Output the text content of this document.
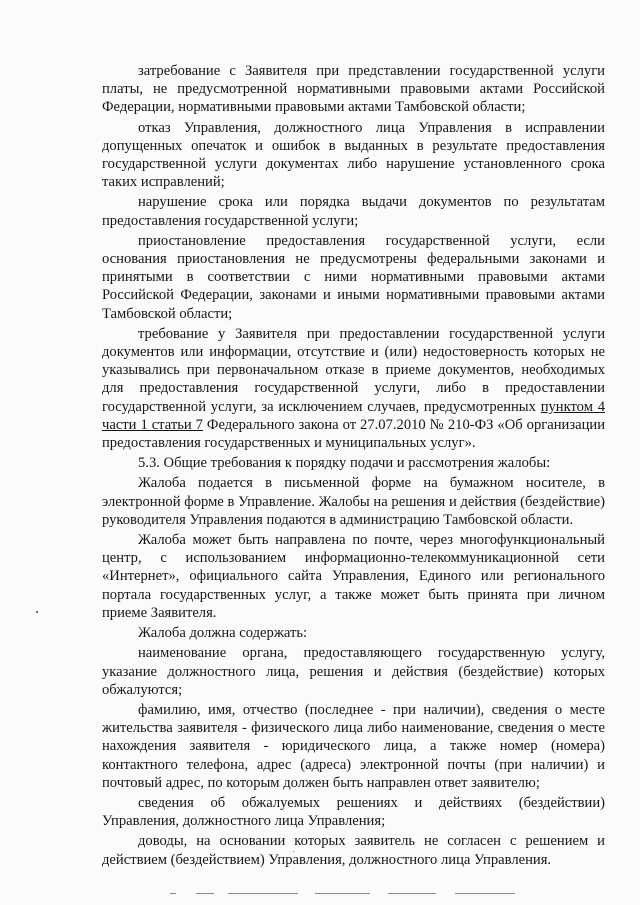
затребование с Заявителя при представлении государственной услуги платы, не предусмотренной нормативными правовыми актами Российской Федерации, нормативными правовыми актами Тамбовской области;

отказ Управления, должностного лица Управления в исправлении допущенных опечаток и ошибок в выданных в результате предоставления государственной услуги документах либо нарушение установленного срока таких исправлений;

нарушение срока или порядка выдачи документов по результатам предоставления государственной услуги;

приостановление предоставления государственной услуги, если основания приостановления не предусмотрены федеральными законами и принятыми в соответствии с ними нормативными правовыми актами Российской Федерации, законами и иными нормативными правовыми актами Тамбовской области;

требование у Заявителя при предоставлении государственной услуги документов или информации, отсутствие и (или) недостоверность которых не указывались при первоначальном отказе в приеме документов, необходимых для предоставления государственной услуги, либо в предоставлении государственной услуги, за исключением случаев, предусмотренных пунктом 4 части 1 статьи 7 Федерального закона от 27.07.2010 № 210-ФЗ «Об организации предоставления государственных и муниципальных услуг».

5.3. Общие требования к порядку подачи и рассмотрения жалобы:

Жалоба подается в письменной форме на бумажном носителе, в электронной форме в Управление. Жалобы на решения и действия (бездействие) руководителя Управления подаются в администрацию Тамбовской области.

Жалоба может быть направлена по почте, через многофункциональный центр, с использованием информационно-телекоммуникационной сети «Интернет», официального сайта Управления, Единого или регионального портала государственных услуг, а также может быть принята при личном приеме Заявителя.

Жалоба должна содержать:

наименование органа, предоставляющего государственную услугу, указание должностного лица, решения и действия (бездействие) которых обжалуются;

фамилию, имя, отчество (последнее - при наличии), сведения о месте жительства заявителя - физического лица либо наименование, сведения о месте нахождения заявителя - юридического лица, а также номер (номера) контактного телефона, адрес (адреса) электронной почты (при наличии) и почтовый адрес, по которым должен быть направлен ответ заявителю;

сведения об обжалуемых решениях и действиях (бездействии) Управления, должностного лица Управления;

доводы, на основании которых заявитель не согласен с решением и действием (бездействием) Управления, должностного лица Управления.
